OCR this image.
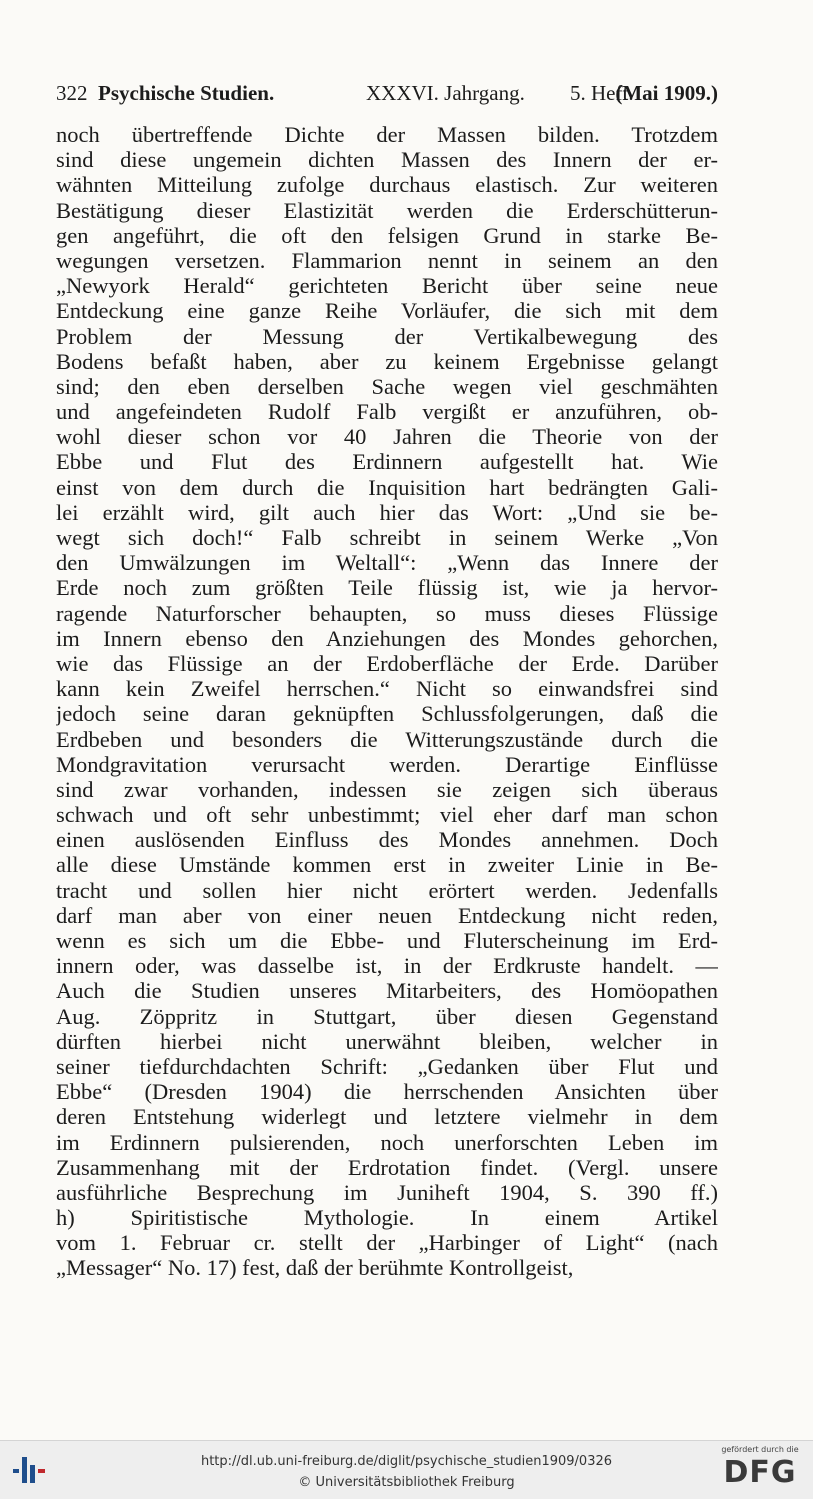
322 Psychische Studien.	XXXVI. Jahrgang. 5. Heft.
(Mai 1909.)
noch übertreffende Dichte der Massen bilden. Trotzdem
sind diese ungemein dichten Massen des Innern der er-
wähnten Mitteilung zufolge durchaus elastisch. Zur weiteren
Bestätigung dieser Elastizität werden die Erderschütterun-
gen angeführt, die oft den felsigen Grund in starke Be-
wegungen versetzen. Flammarion nennt in seinem an den
„Newyork Herald“ gerichteten Bericht über seine neue
Entdeckung eine ganze Reihe Vorläufer, die sich mit dem
Problem der Messung der Vertikalbewegung des
Bodens befaßt haben, aber zu keinem Ergebnisse gelangt
sind; den eben derselben Sache wegen viel geschmähten
und angefeindeten Rudolf Falb vergißt er anzuführen, ob-
wohl dieser schon vor 40 Jahren die Theorie von der
Ebbe und Flut des Erdinnern aufgestellt hat. Wie
einst von dem durch die Inquisition hart bedrängten Gali-
lei erzählt wird, gilt auch hier das Wort: „Und sie be-
wegt sich doch!“ Falb schreibt in seinem Werke „Von
den Umwälzungen im Weltall“: „Wenn das Innere der
Erde noch zum größten Teile flüssig ist, wie ja hervor-
ragende Naturforscher behaupten, so muss dieses Flüssige
im Innern ebenso den Anziehungen des Mondes gehorchen,
wie das Flüssige an der Erdoberfläche der Erde. Darüber
kann kein Zweifel herrschen.“ Nicht so einwandsfrei sind
jedoch seine daran geknüpften Schlussfolgerungen, daß die
Erdbeben und besonders die Witterungszustände durch die
Mondgravitation verursacht werden. Derartige Einflüsse
sind zwar vorhanden, indessen sie zeigen sich überaus
schwach und oft sehr unbestimmt; viel eher darf man schon
einen auslösenden Einfluss des Mondes annehmen. Doch
alle diese Umstände kommen erst in zweiter Linie in Be-
tracht und sollen hier nicht erörtert werden. Jedenfalls
darf man aber von einer neuen Entdeckung nicht reden,
wenn es sich um die Ebbe- und Fluterscheinung im Erd-
innern oder, was dasselbe ist, in der Erdkruste handelt. —
Auch die Studien unseres Mitarbeiters, des Homöopathen
Aug. Zöppritz in Stuttgart, über diesen Gegenstand
dürften hierbei nicht unerwähnt bleiben, welcher in
seiner tiefdurchdachten Schrift: „Gedanken über Flut und
Ebbe“ (Dresden 1904) die herrschenden Ansichten über
deren Entstehung widerlegt und letztere vielmehr in dem
im Erdinnern pulsierenden, noch unerforschten Leben im
Zusammenhang mit der Erdrotation findet. (Vergl. unsere
ausführliche Besprechung im Juniheft 1904, S. 390 ff.)
h) Spiritistische Mythologie. In einem Artikel
vom 1. Februar cr. stellt der „Harbinger of Light“ (nach
„Messager“ No. 17) fest, daß der berühmte Kontrollgeist,
http://dl.ub.uni-freiburg.de/diglit/psychische_studien1909/0326
© Universitätsbibliothek Freiburg
gefördert durch die
DFG
